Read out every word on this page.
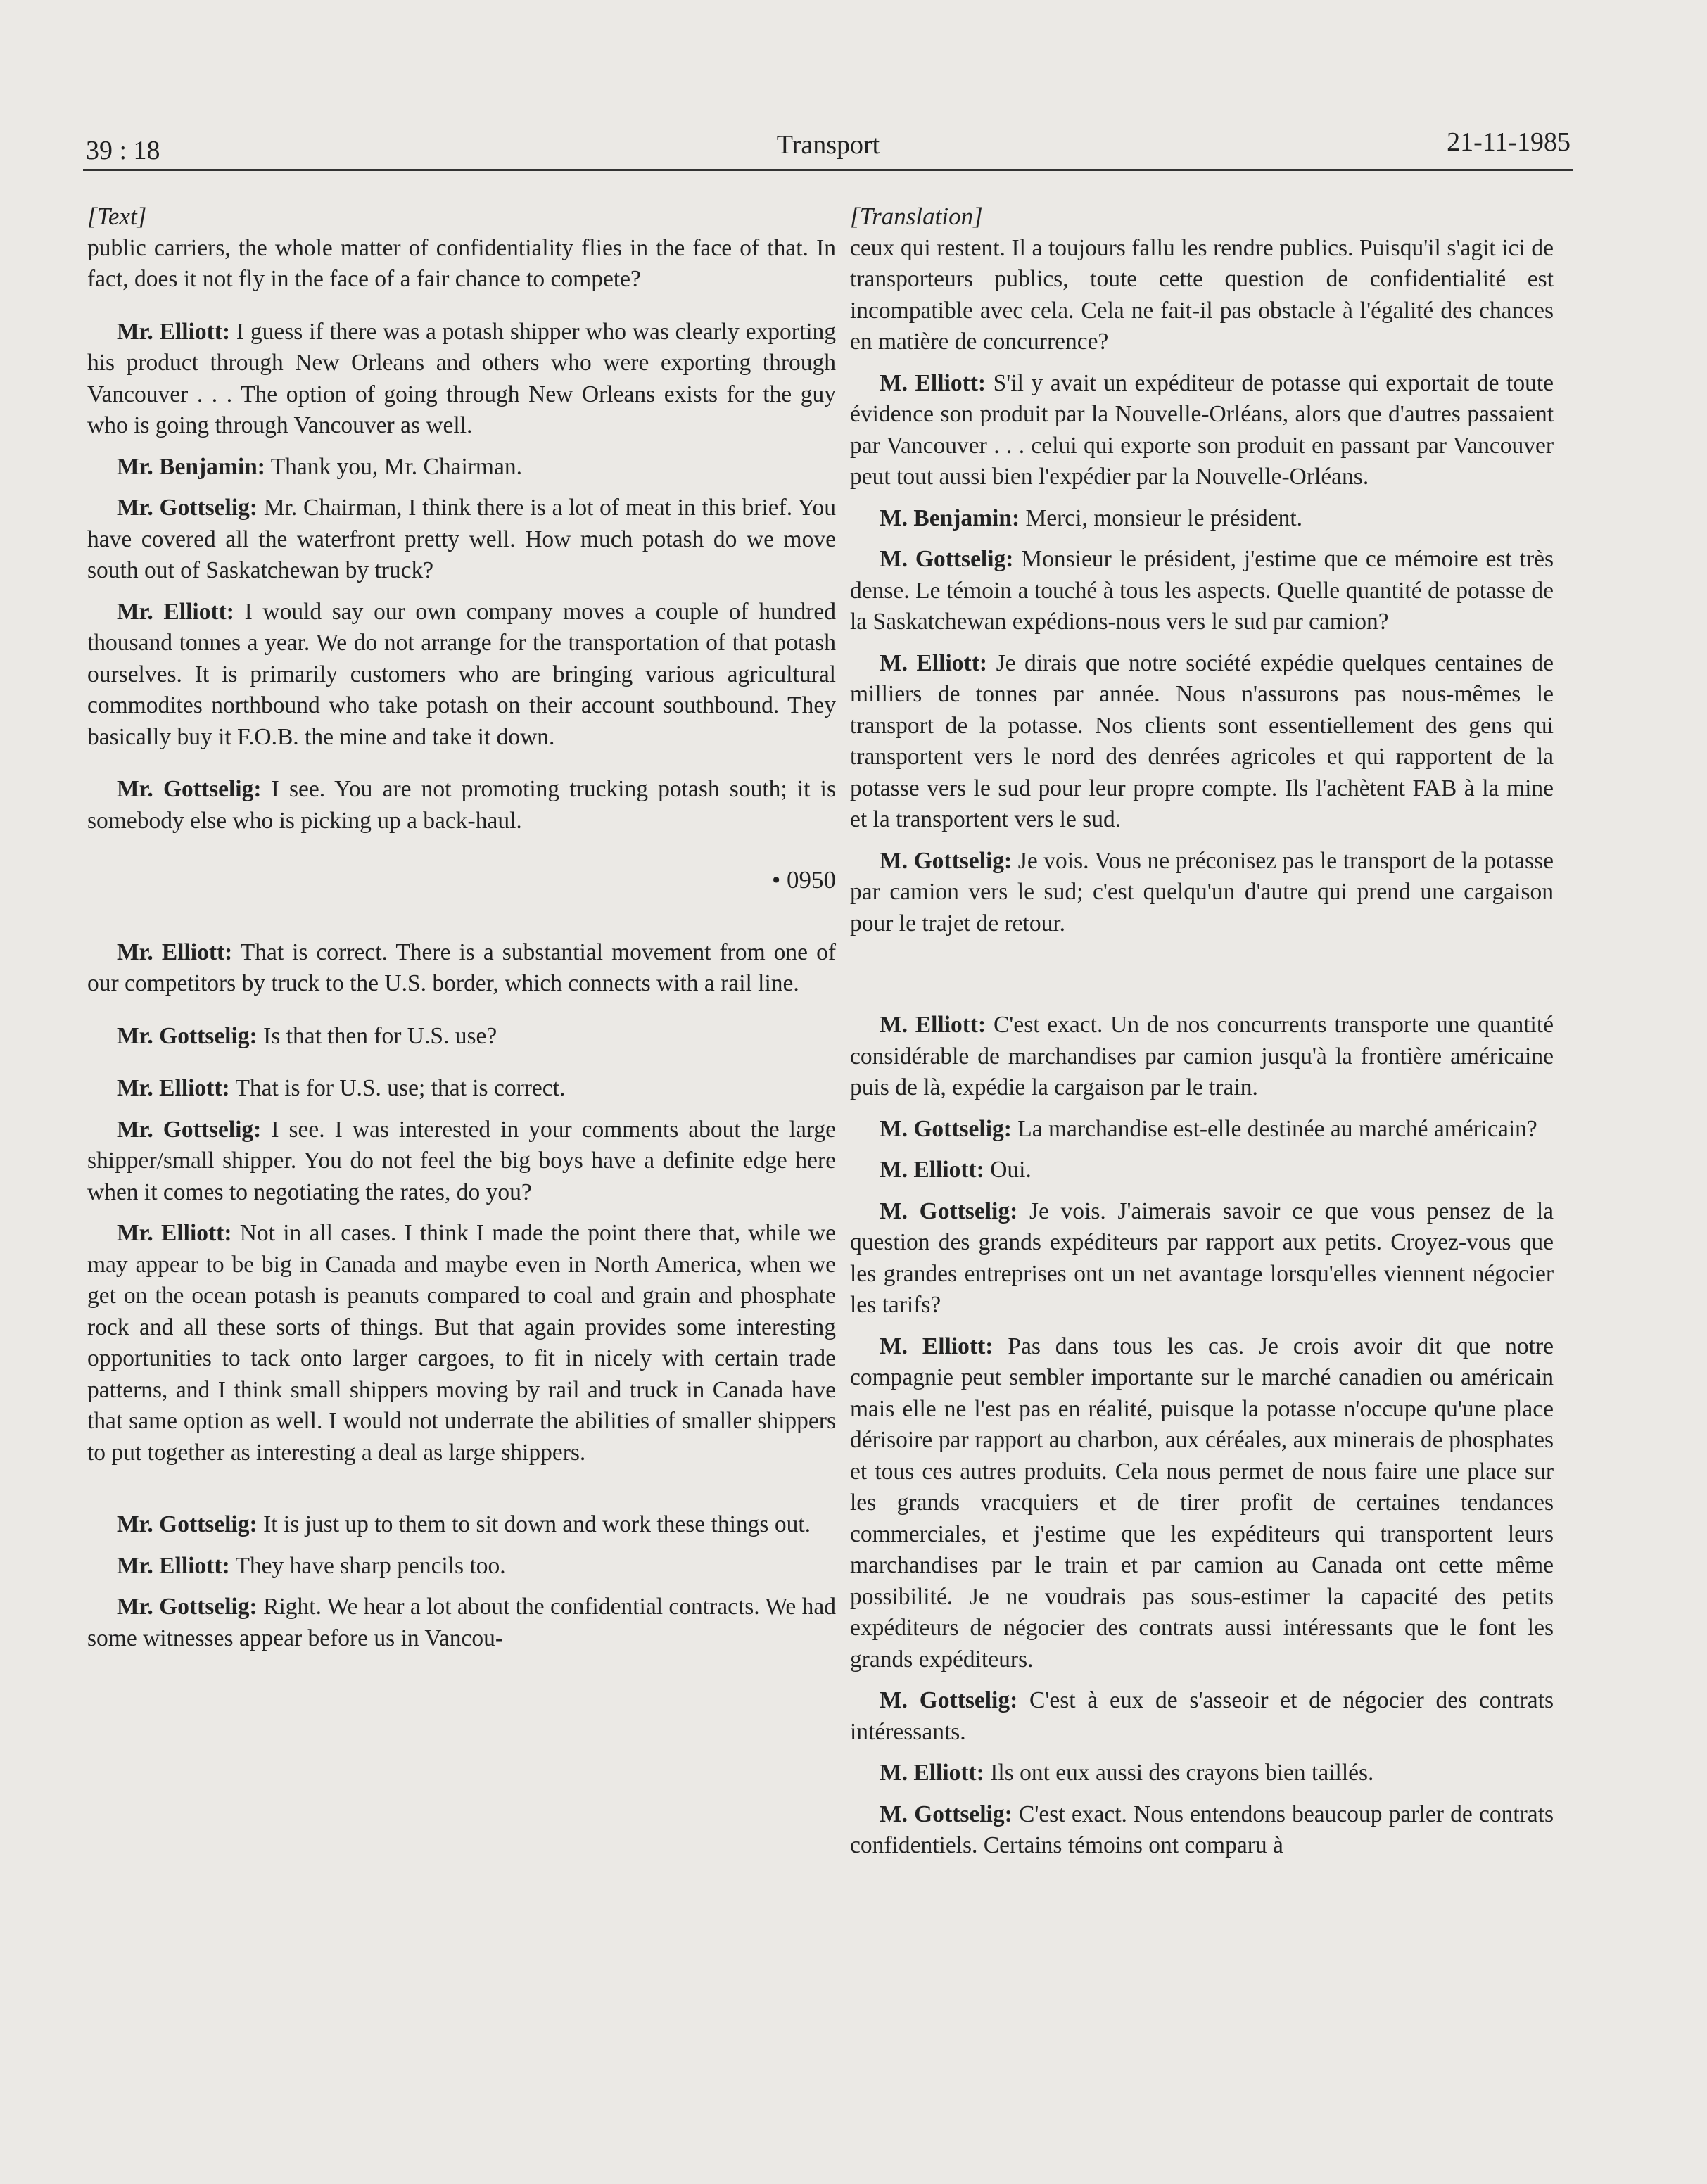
39 : 18	Transport	21-11-1985

[Text]

public carriers, the whole matter of confidentiality flies in the face of that. In fact, does it not fly in the face of a fair chance to compete?

Mr. Elliott: I guess if there was a potash shipper who was clearly exporting his product through New Orleans and others who were exporting through Vancouver . . . The option of going through New Orleans exists for the guy who is going through Vancouver as well.

Mr. Benjamin: Thank you, Mr. Chairman.

Mr. Gottselig: Mr. Chairman, I think there is a lot of meat in this brief. You have covered all the waterfront pretty well. How much potash do we move south out of Saskatchewan by truck?

Mr. Elliott: I would say our own company moves a couple of hundred thousand tonnes a year. We do not arrange for the transportation of that potash ourselves. It is primarily customers who are bringing various agricultural commodites northbound who take potash on their account southbound. They basically buy it F.O.B. the mine and take it down.

Mr. Gottselig: I see. You are not promoting trucking potash south; it is somebody else who is picking up a back-haul.

• 0950

Mr. Elliott: That is correct. There is a substantial movement from one of our competitors by truck to the U.S. border, which connects with a rail line.

Mr. Gottselig: Is that then for U.S. use?

Mr. Elliott: That is for U.S. use; that is correct.

Mr. Gottselig: I see. I was interested in your comments about the large shipper/small shipper. You do not feel the big boys have a definite edge here when it comes to negotiating the rates, do you?

Mr. Elliott: Not in all cases. I think I made the point there that, while we may appear to be big in Canada and maybe even in North America, when we get on the ocean potash is peanuts compared to coal and grain and phosphate rock and all these sorts of things. But that again provides some interesting opportunities to tack onto larger cargoes, to fit in nicely with certain trade patterns, and I think small shippers moving by rail and truck in Canada have that same option as well. I would not underrate the abilities of smaller shippers to put together as interesting a deal as large shippers.

Mr. Gottselig: It is just up to them to sit down and work these things out.

Mr. Elliott: They have sharp pencils too.

Mr. Gottselig: Right. We hear a lot about the confidential contracts. We had some witnesses appear before us in Vancou-

[Translation]

ceux qui restent. Il a toujours fallu les rendre publics. Puisqu'il s'agit ici de transporteurs publics, toute cette question de confidentialité est incompatible avec cela. Cela ne fait-il pas obstacle à l'égalité des chances en matière de concurrence?

M. Elliott: S'il y avait un expéditeur de potasse qui exportait de toute évidence son produit par la Nouvelle-Orléans, alors que d'autres passaient par Vancouver . . . celui qui exporte son produit en passant par Vancouver peut tout aussi bien l'expédier par la Nouvelle-Orléans.

M. Benjamin: Merci, monsieur le président.

M. Gottselig: Monsieur le président, j'estime que ce mémoire est très dense. Le témoin a touché à tous les aspects. Quelle quantité de potasse de la Saskatchewan expédions-nous vers le sud par camion?

M. Elliott: Je dirais que notre société expédie quelques centaines de milliers de tonnes par année. Nous n'assurons pas nous-mêmes le transport de la potasse. Nos clients sont essentiellement des gens qui transportent vers le nord des denrées agricoles et qui rapportent de la potasse vers le sud pour leur propre compte. Ils l'achètent FAB à la mine et la transportent vers le sud.

M. Gottselig: Je vois. Vous ne préconisez pas le transport de la potasse par camion vers le sud; c'est quelqu'un d'autre qui prend une cargaison pour le trajet de retour.

M. Elliott: C'est exact. Un de nos concurrents transporte une quantité considérable de marchandises par camion jusqu'à la frontière américaine puis de là, expédie la cargaison par le train.

M. Gottselig: La marchandise est-elle destinée au marché américain?

M. Elliott: Oui.

M. Gottselig: Je vois. J'aimerais savoir ce que vous pensez de la question des grands expéditeurs par rapport aux petits. Croyez-vous que les grandes entreprises ont un net avantage lorsqu'elles viennent négocier les tarifs?

M. Elliott: Pas dans tous les cas. Je crois avoir dit que notre compagnie peut sembler importante sur le marché canadien ou américain mais elle ne l'est pas en réalité, puisque la potasse n'occupe qu'une place dérisoire par rapport au charbon, aux céréales, aux minerais de phosphates et tous ces autres produits. Cela nous permet de nous faire une place sur les grands vracquiers et de tirer profit de certaines tendances commerciales, et j'estime que les expéditeurs qui transportent leurs marchandises par le train et par camion au Canada ont cette même possibilité. Je ne voudrais pas sous-estimer la capacité des petits expéditeurs de négocier des contrats aussi intéressants que le font les grands expéditeurs.

M. Gottselig: C'est à eux de s'asseoir et de négocier des contrats intéressants.

M. Elliott: Ils ont eux aussi des crayons bien taillés.

M. Gottselig: C'est exact. Nous entendons beaucoup parler de contrats confidentiels. Certains témoins ont comparu à
